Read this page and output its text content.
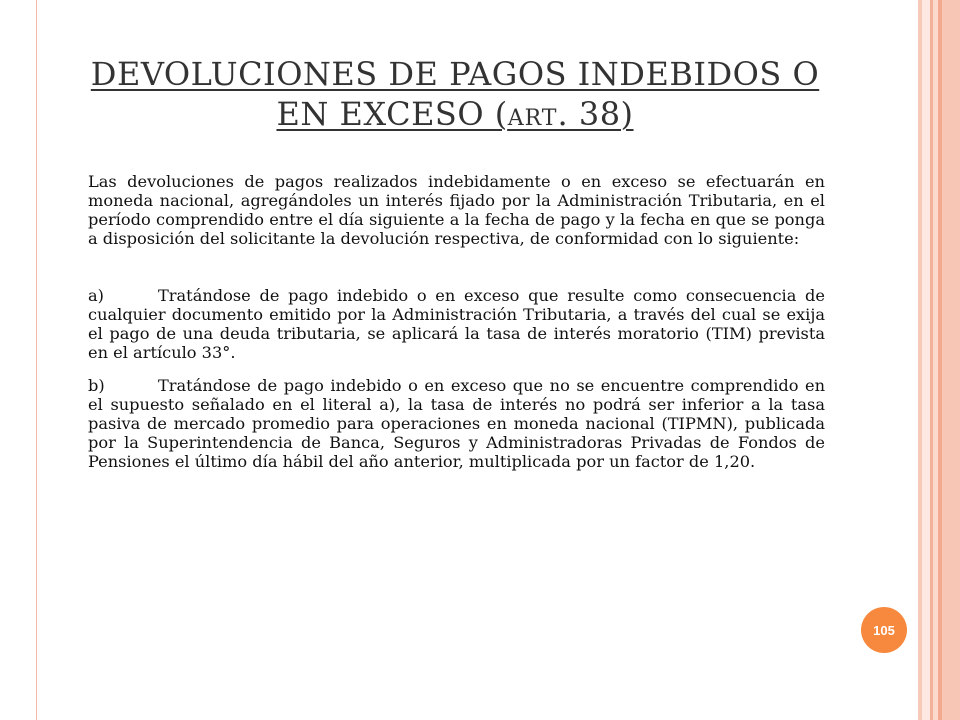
DEVOLUCIONES DE PAGOS INDEBIDOS O EN EXCESO (ART. 38)

Las devoluciones de pagos realizados indebidamente o en exceso se efectuarán en moneda nacional, agregándoles un interés fijado por la Administración Tributaria, en el período comprendido entre el día siguiente a la fecha de pago y la fecha en que se ponga a disposición del solicitante la devolución respectiva, de conformidad con lo siguiente:

a)	Tratándose de pago indebido o en exceso que resulte como consecuencia de cualquier documento emitido por la Administración Tributaria, a través del cual se exija el pago de una deuda tributaria, se aplicará la tasa de interés moratorio (TIM) prevista en el artículo 33°.

b)	Tratándose de pago indebido o en exceso que no se encuentre comprendido en el supuesto señalado en el literal a), la tasa de interés no podrá ser inferior a la tasa pasiva de mercado promedio para operaciones en moneda nacional (TIPMN), publicada por la Superintendencia de Banca, Seguros y Administradoras Privadas de Fondos de Pensiones el último día hábil del año anterior, multiplicada por un factor de 1,20.

105
